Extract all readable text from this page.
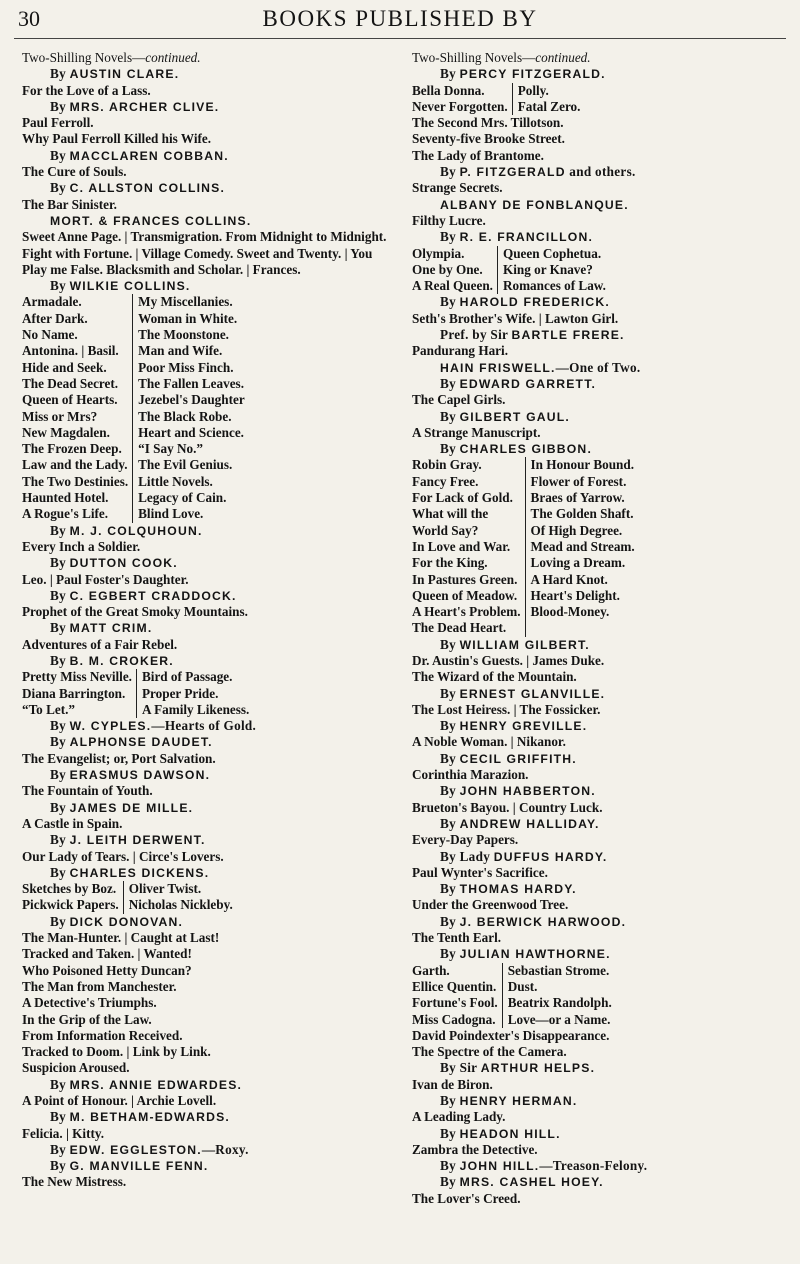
30	BOOKS PUBLISHED BY
Two-Shilling Novels—continued.
By AUSTIN CLARE.
For the Love of a Lass.
By MRS. ARCHER CLIVE.
Paul Ferroll.
Why Paul Ferroll Killed his Wife.
By MACCLAREN COBBAN.
The Cure of Souls.
By C. ALLSTON COLLINS.
The Bar Sinister.
MORT. & FRANCES COLLINS.
Sweet Anne Page. | Transmigration. From Midnight to Midnight. Fight with Fortune. | Village Comedy. Sweet and Twenty. | You Play me False. Blacksmith and Scholar. | Frances.
By WILKIE COLLINS.
Armadale.
After Dark.
No Name.
Antonina. | Basil.
Hide and Seek.
The Dead Secret.
Queen of Hearts.
Miss or Mrs?
New Magdalen.
The Frozen Deep.
Law and the Lady.
The Two Destinies.
Haunted Hotel.
A Rogue's Life.
My Miscellanies.
Woman in White.
The Moonstone.
Man and Wife.
Poor Miss Finch.
The Fallen Leaves.
Jezebel's Daughter
The Black Robe.
Heart and Science.
“I Say No.”
The Evil Genius.
Little Novels.
Legacy of Cain.
Blind Love.
By M. J. COLQUHOUN.
Every Inch a Soldier.
By DUTTON COOK.
Leo. | Paul Foster's Daughter.
By C. EGBERT CRADDOCK.
Prophet of the Great Smoky Mountains.
By MATT CRIM.
Adventures of a Fair Rebel.
By B. M. CROKER.
Pretty Miss Neville.
Diana Barrington.
“To Let.”
Bird of Passage.
Proper Pride.
A Family Likeness.
By W. CYPLES.—Hearts of Gold.
By ALPHONSE DAUDET.
The Evangelist; or, Port Salvation.
By ERASMUS DAWSON.
The Fountain of Youth.
By JAMES DE MILLE.
A Castle in Spain.
By J. LEITH DERWENT.
Our Lady of Tears. | Circe's Lovers.
By CHARLES DICKENS.
Sketches by Boz.
Pickwick Papers.
Oliver Twist.
Nicholas Nickleby.
By DICK DONOVAN.
The Man-Hunter. | Caught at Last!
Tracked and Taken. | Wanted!
Who Poisoned Hetty Duncan?
The Man from Manchester.
A Detective's Triumphs.
In the Grip of the Law.
From Information Received.
Tracked to Doom. | Link by Link.
Suspicion Aroused.
By MRS. ANNIE EDWARDES.
A Point of Honour. | Archie Lovell.
By M. BETHAM-EDWARDS.
Felicia. | Kitty.
By EDW. EGGLESTON.—Roxy.
By G. MANVILLE FENN.
The New Mistress.
Two-Shilling Novels—continued.
By PERCY FITZGERALD.
Bella Donna.
Never Forgotten.
Polly.
Fatal Zero.
The Second Mrs. Tillotson.
Seventy-five Brooke Street.
The Lady of Brantome.
By P. FITZGERALD and others.
Strange Secrets.
ALBANY DE FONBLANQUE.
Filthy Lucre.
By R. E. FRANCILLON.
Olympia.
One by One.
A Real Queen.
Queen Cophetua.
King or Knave?
Romances of Law.
By HAROLD FREDERICK.
Seth's Brother's Wife. | Lawton Girl.
Pref. by Sir BARTLE FRERE.
Pandurang Hari.
HAIN FRISWELL.—One of Two.
By EDWARD GARRETT.
The Capel Girls.
By GILBERT GAUL.
A Strange Manuscript.
By CHARLES GIBBON.
Robin Gray.
Fancy Free.
For Lack of Gold.
What will the
World Say?
In Love and War.
For the King.
In Pastures Green.
Queen of Meadow.
A Heart's Problem.
The Dead Heart.
In Honour Bound.
Flower of Forest.
Braes of Yarrow.
The Golden Shaft.
Of High Degree.
Mead and Stream.
Loving a Dream.
A Hard Knot.
Heart's Delight.
Blood-Money.
By WILLIAM GILBERT.
Dr. Austin's Guests. | James Duke.
The Wizard of the Mountain.
By ERNEST GLANVILLE.
The Lost Heiress. | The Fossicker.
By HENRY GREVILLE.
A Noble Woman. | Nikanor.
By CECIL GRIFFITH.
Corinthia Marazion.
By JOHN HABBERTON.
Brueton's Bayou. | Country Luck.
By ANDREW HALLIDAY.
Every-Day Papers.
By Lady DUFFUS HARDY.
Paul Wynter's Sacrifice.
By THOMAS HARDY.
Under the Greenwood Tree.
By J. BERWICK HARWOOD.
The Tenth Earl.
By JULIAN HAWTHORNE.
Garth.
Ellice Quentin.
Fortune's Fool.
Miss Cadogna.
Sebastian Strome.
Dust.
Beatrix Randolph.
Love—or a Name.
David Poindexter's Disappearance.
The Spectre of the Camera.
By Sir ARTHUR HELPS.
Ivan de Biron.
By HENRY HERMAN.
A Leading Lady.
By HEADON HILL.
Zambra the Detective.
By JOHN HILL.—Treason-Felony.
By MRS. CASHEL HOEY.
The Lover's Creed.
